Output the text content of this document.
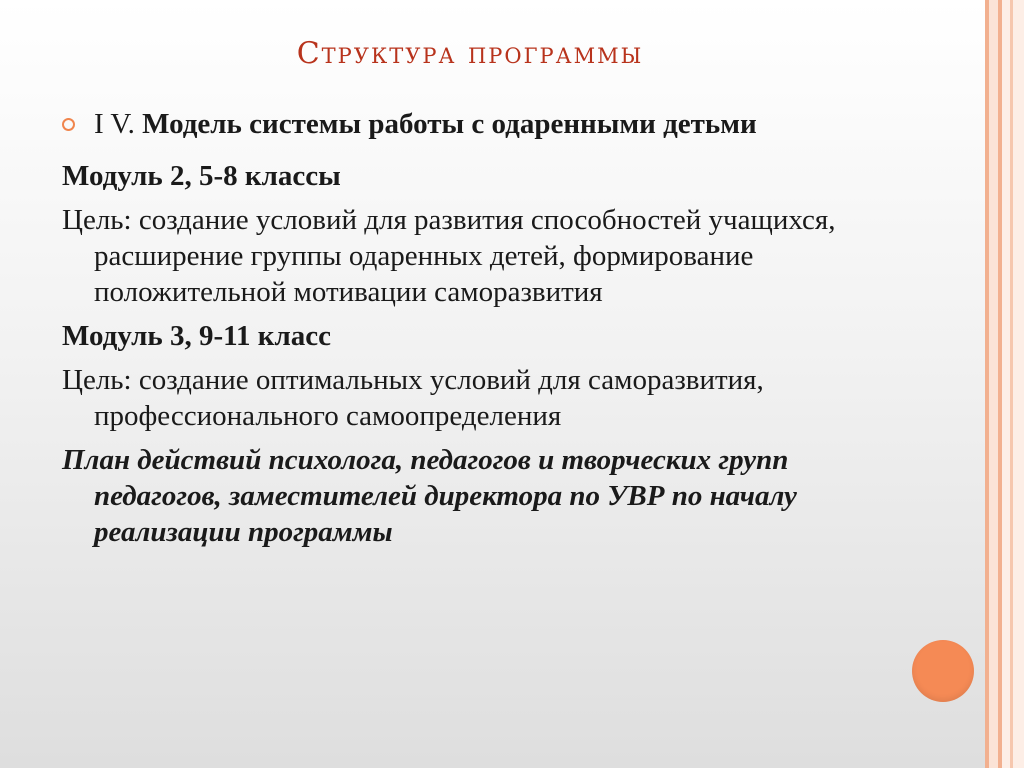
Структура программы
I V. Модель системы работы с одаренными детьми
Модуль 2, 5-8 классы
Цель: создание условий для развития способностей учащихся, расширение группы одаренных детей, формирование положительной мотивации саморазвития
Модуль 3, 9-11 класс
Цель: создание оптимальных условий для саморазвития, профессионального самоопределения
План действий психолога, педагогов и творческих групп педагогов, заместителей директора по УВР по началу реализации программы
